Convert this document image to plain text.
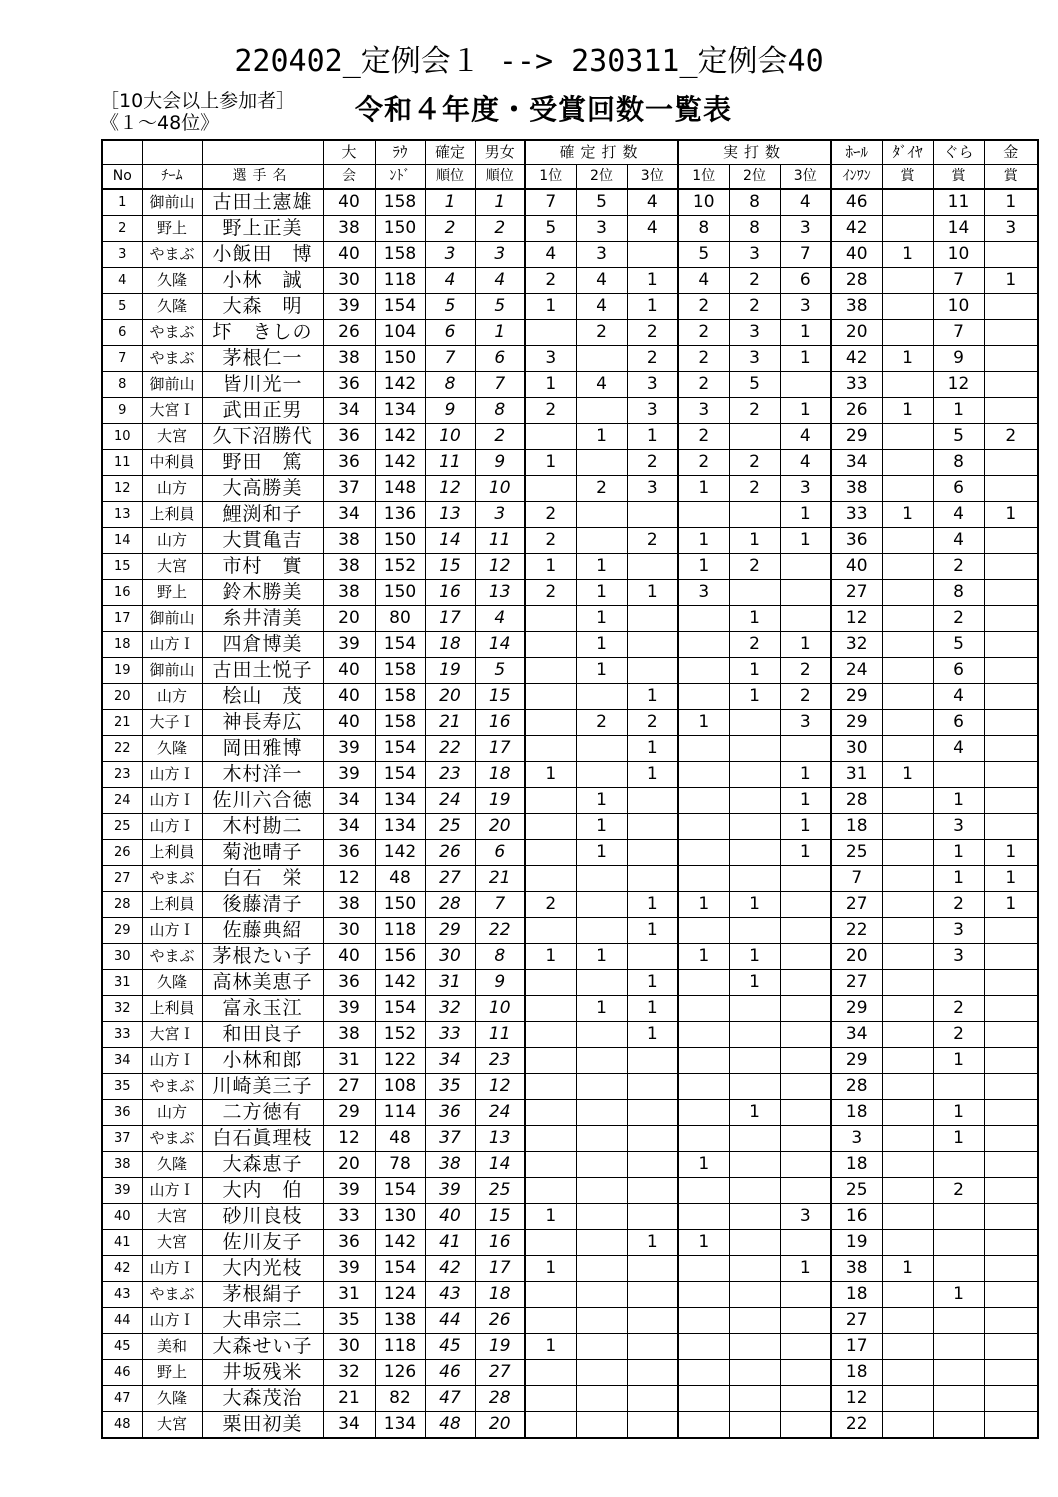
220402_定例会１ --> 230311_定例会40
［10大会以上参加者］
《１～48位》	令和４年度・受賞回数一覧表
			大	ﾗｳ	確定	男女	確定打数			実打数			ﾎｰﾙ	ﾀﾞｲﾔ	ぐら	金
No	ﾁｰﾑ	選手名	会	ﾝﾄﾞ	順位	順位	1位	2位	3位	1位	2位	3位	ｲﾝﾜﾝ	賞	賞	賞
1	御前山	古田土憲雄	40	158	1	1	7	5	4	10	8	4	46		11	1
2	野上	野上正美	38	150	2	2	5	3	4	8	8	3	42		14	3
3	やまぶ	小飯田　博	40	158	3	3	4	3		5	3	7	40	1	10	
4	久隆	小林　誠	30	118	4	4	2	4	1	4	2	6	28		7	1
5	久隆	大森　明	39	154	5	5	1	4	1	2	2	3	38		10	
6	やまぶ	圷　きしの	26	104	6	1		2	2	2	3	1	20		7	
7	やまぶ	茅根仁一	38	150	7	6	3		2	2	3	1	42	1	9	
8	御前山	皆川光一	36	142	8	7	1	4	3	2	5		33		12	
9	大宮Ｉ	武田正男	34	134	9	8	2		3	3	2	1	26	1	1	
10	大宮	久下沼勝代	36	142	10	2		1	1	2		4	29		5	2
11	中利員	野田　篤	36	142	11	9	1		2	2	2	4	34		8	
12	山方	大高勝美	37	148	12	10		2	3	1	2	3	38		6	
13	上利員	鯉渕和子	34	136	13	3	2					1	33	1	4	1
14	山方	大貫亀吉	38	150	14	11	2		2	1	1	1	36		4	
15	大宮	市村　實	38	152	15	12	1	1		1	2		40		2	
16	野上	鈴木勝美	38	150	16	13	2	1	1	3			27		8	
17	御前山	糸井清美	20	80	17	4		1			1		12		2	
18	山方Ｉ	四倉博美	39	154	18	14		1			2	1	32		5	
19	御前山	古田土悦子	40	158	19	5		1			1	2	24		6	
20	山方	桧山　茂	40	158	20	15			1		1	2	29		4	
21	大子Ｉ	神長寿広	40	158	21	16		2	2	1		3	29		6	
22	久隆	岡田雅博	39	154	22	17			1				30		4	
23	山方Ｉ	木村洋一	39	154	23	18	1		1			1	31	1		
24	山方Ｉ	佐川六合徳	34	134	24	19		1				1	28		1	
25	山方Ｉ	木村勘二	34	134	25	20		1				1	18		3	
26	上利員	菊池晴子	36	142	26	6		1				1	25		1	1
27	やまぶ	白石　栄	12	48	27	21							7		1	1
28	上利員	後藤清子	38	150	28	7	2		1	1	1		27		2	1
29	山方Ｉ	佐藤典紹	30	118	29	22			1				22		3	
30	やまぶ	茅根たい子	40	156	30	8	1	1		1	1		20		3	
31	久隆	高林美恵子	36	142	31	9			1		1		27			
32	上利員	富永玉江	39	154	32	10		1	1				29		2	
33	大宮Ｉ	和田良子	38	152	33	11			1				34		2	
34	山方Ｉ	小林和郎	31	122	34	23							29		1	
35	やまぶ	川崎美三子	27	108	35	12							28			
36	山方	二方徳有	29	114	36	24					1		18		1	
37	やまぶ	白石眞理枝	12	48	37	13							3		1	
38	久隆	大森恵子	20	78	38	14				1			18			
39	山方Ｉ	大内　伯	39	154	39	25							25		2	
40	大宮	砂川良枝	33	130	40	15	1					3	16			
41	大宮	佐川友子	36	142	41	16			1	1			19			
42	山方Ｉ	大内光枝	39	154	42	17	1					1	38	1		
43	やまぶ	茅根絹子	31	124	43	18							18		1	
44	山方Ｉ	大串宗二	35	138	44	26							27			
45	美和	大森せい子	30	118	45	19	1						17			
46	野上	井坂残米	32	126	46	27							18			
47	久隆	大森茂治	21	82	47	28							12			
48	大宮	栗田初美	34	134	48	20							22			
